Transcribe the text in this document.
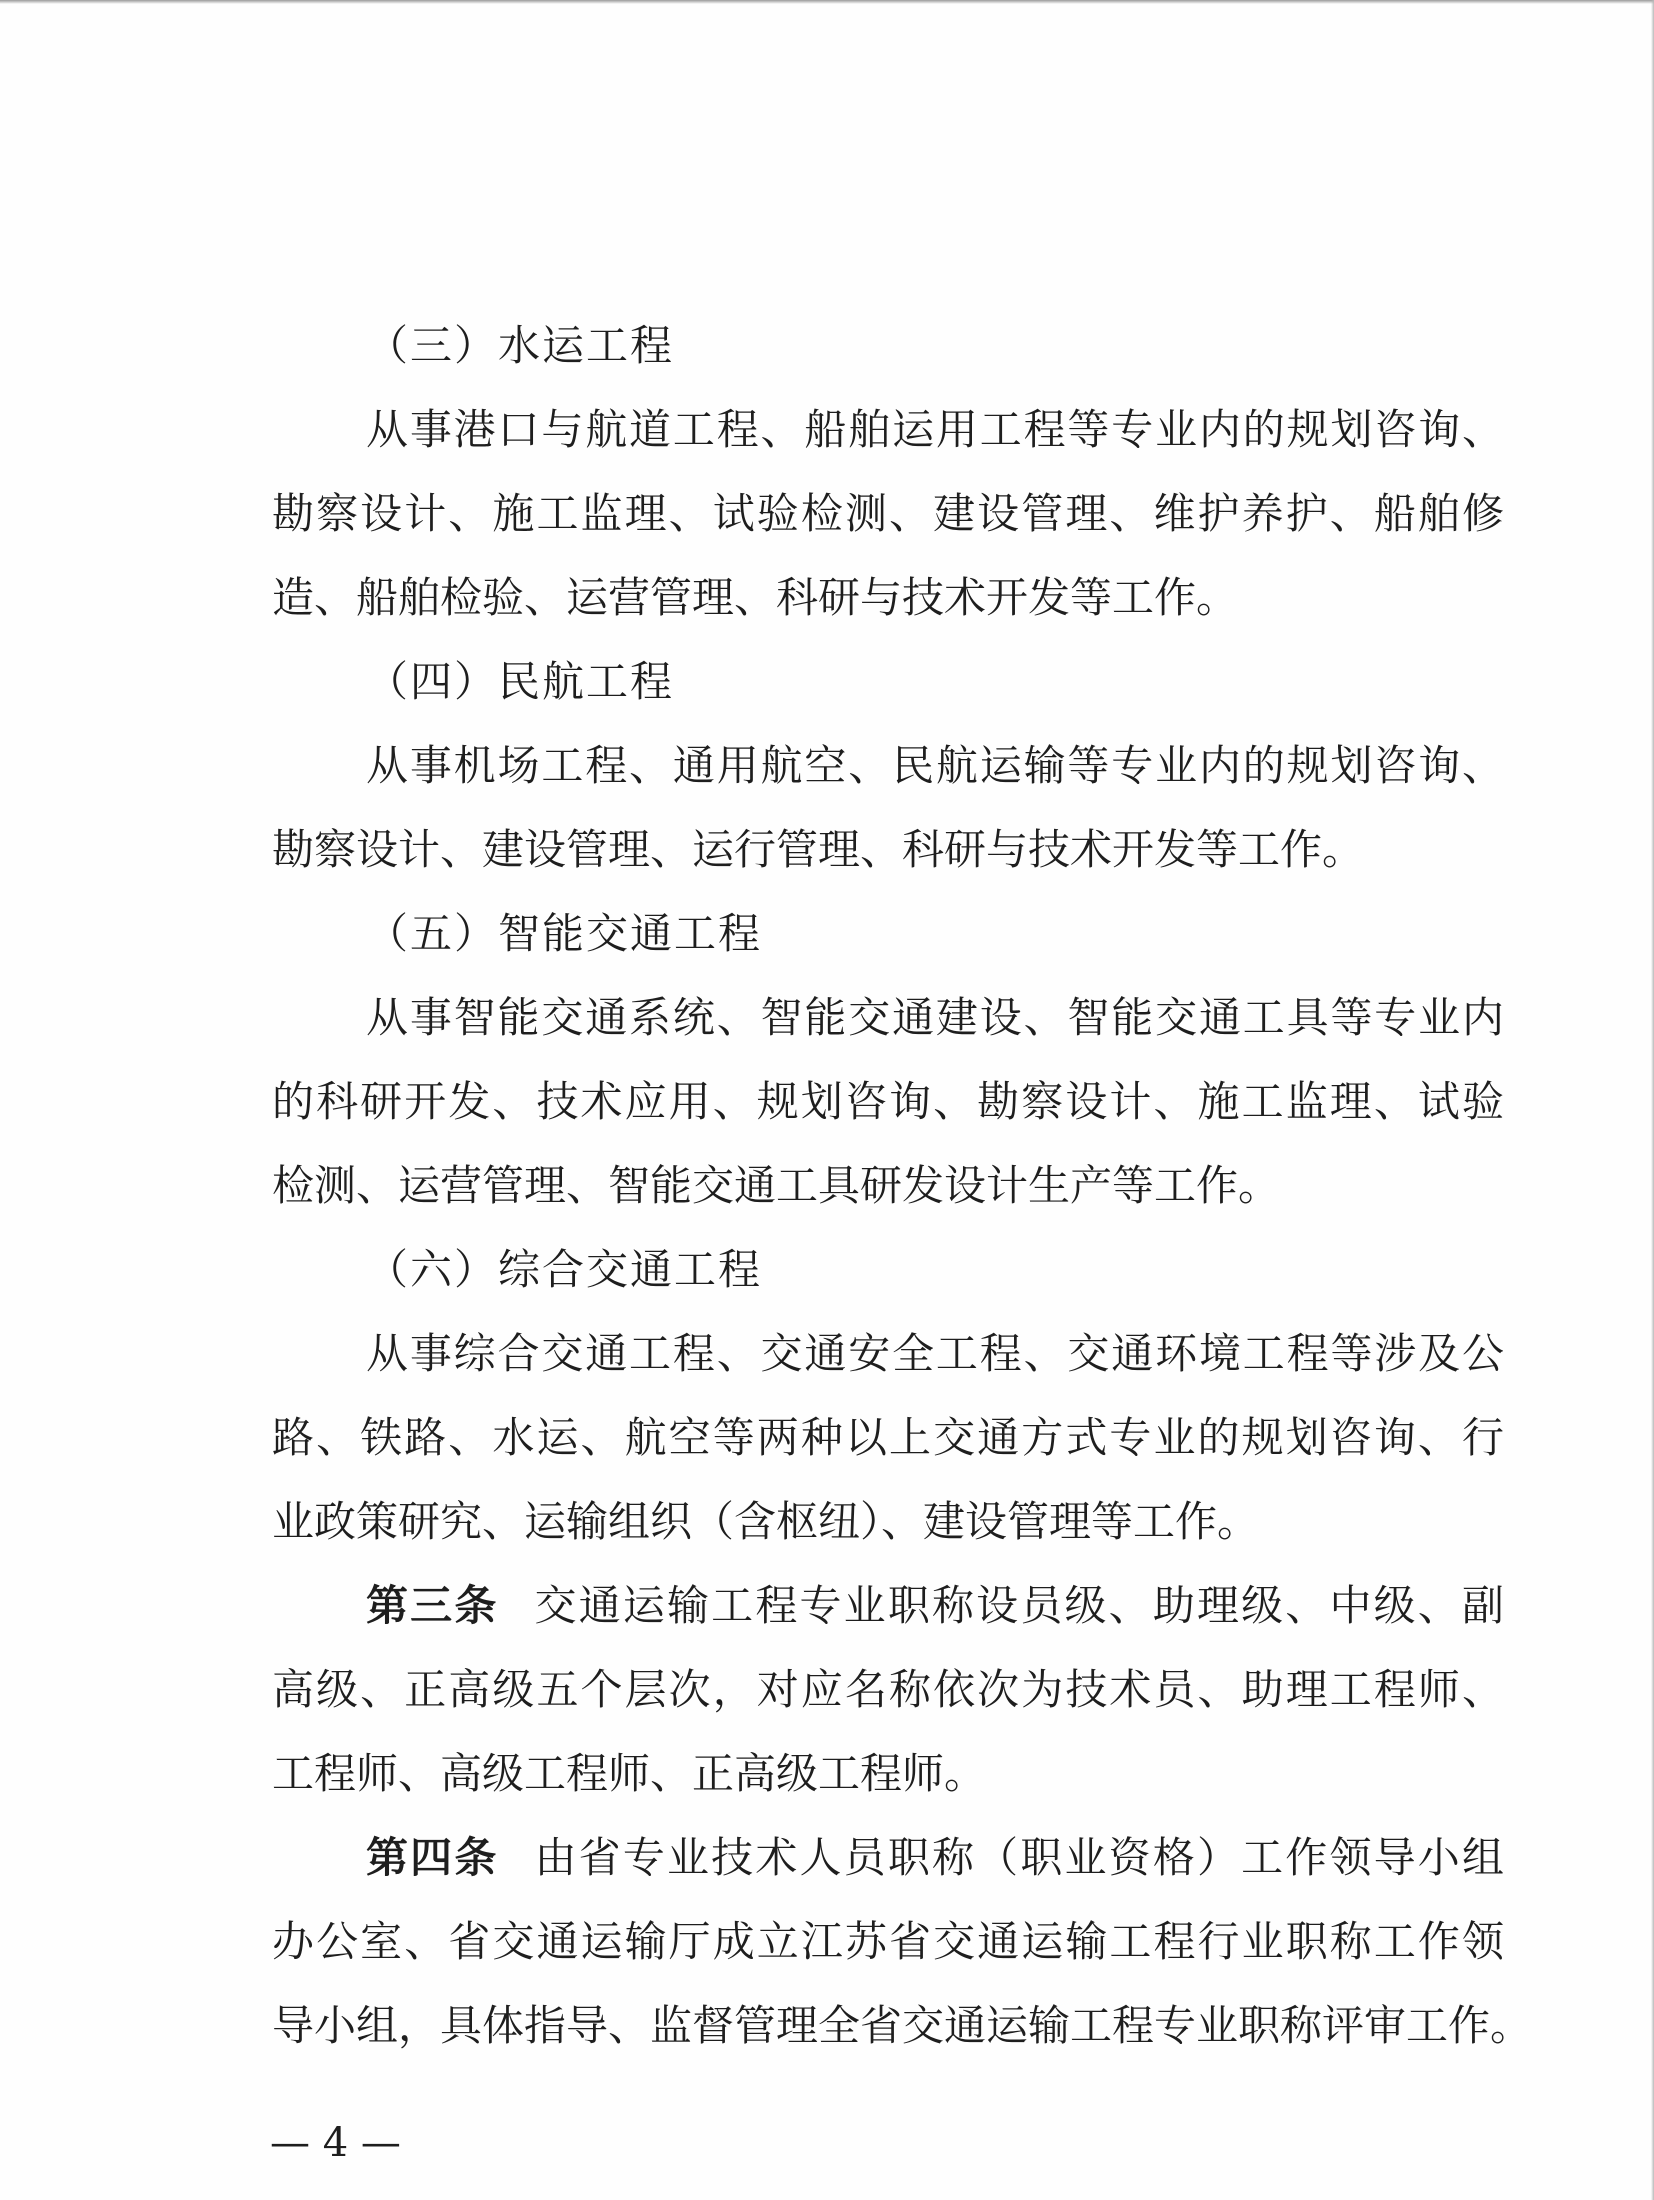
（三）水运工程
从事港口与航道工程、船舶运用工程等专业内的规划咨询、
勘察设计、施工监理、试验检测、建设管理、维护养护、船舶修
造、船舶检验、运营管理、科研与技术开发等工作。
（四）民航工程
从事机场工程、通用航空、民航运输等专业内的规划咨询、
勘察设计、建设管理、运行管理、科研与技术开发等工作。
（五）智能交通工程
从事智能交通系统、智能交通建设、智能交通工具等专业内
的科研开发、技术应用、规划咨询、勘察设计、施工监理、试验
检测、运营管理、智能交通工具研发设计生产等工作。
（六）综合交通工程
从事综合交通工程、交通安全工程、交通环境工程等涉及公
路、铁路、水运、航空等两种以上交通方式专业的规划咨询、行
业政策研究、运输组织（含枢纽）、建设管理等工作。
第三条 交通运输工程专业职称设员级、助理级、中级、副
高级、正高级五个层次，对应名称依次为技术员、助理工程师、
工程师、高级工程师、正高级工程师。
第四条 由省专业技术人员职称（职业资格）工作领导小组
办公室、省交通运输厅成立江苏省交通运输工程行业职称工作领
导小组，具体指导、监督管理全省交通运输工程专业职称评审工作。
— 4 —
